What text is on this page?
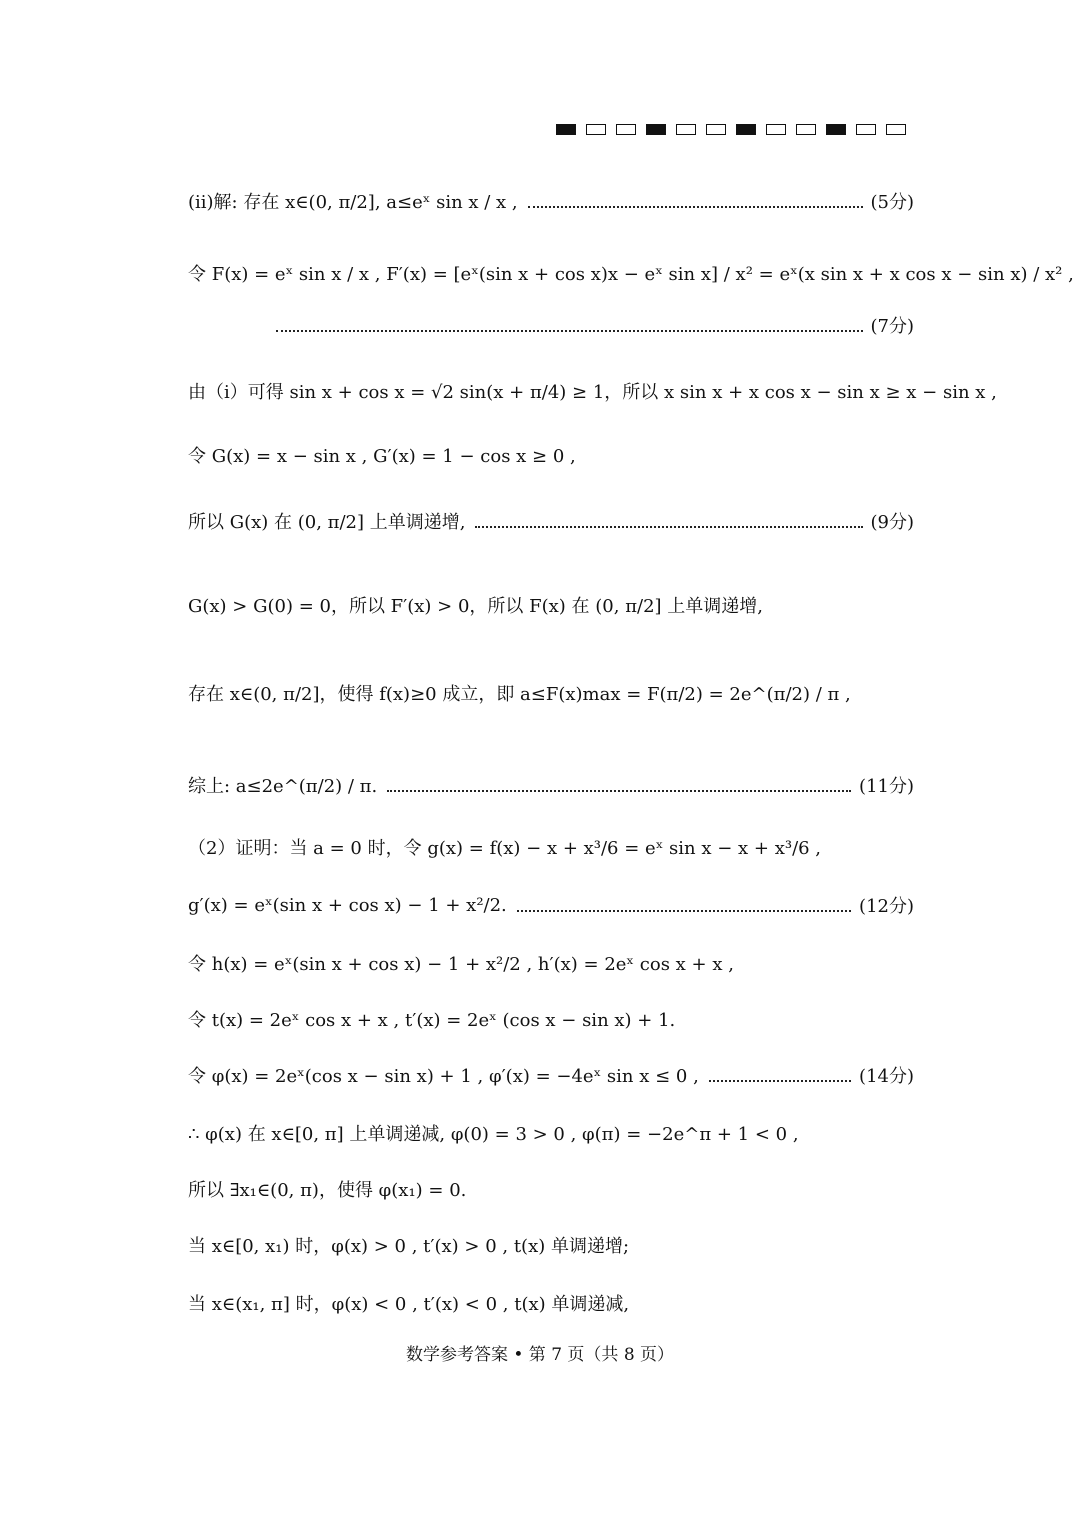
(ii)解: 存在 x∈(0, π/2], a≤eˣ sin x / x ,	(5分)
令 F(x) = eˣ sin x / x , F′(x) = [eˣ(sin x + cos x)x − eˣ sin x] / x² = eˣ(x sin x + x cos x − sin x) / x² ,
(7分)
由（i）可得 sin x + cos x = √2 sin(x + π/4) ≥ 1，所以 x sin x + x cos x − sin x ≥ x − sin x ,
令 G(x) = x − sin x , G′(x) = 1 − cos x ≥ 0 ,
所以 G(x) 在 (0, π/2] 上单调递增,	(9分)
G(x) > G(0) = 0，所以 F′(x) > 0，所以 F(x) 在 (0, π/2] 上单调递增,
存在 x∈(0, π/2]，使得 f(x)≥0 成立，即 a≤F(x)max = F(π/2) = 2e^(π/2) / π ,
综上: a≤2e^(π/2) / π.	(11分)
（2）证明：当 a = 0 时，令 g(x) = f(x) − x + x³/6 = eˣ sin x − x + x³/6 ,
g′(x) = eˣ(sin x + cos x) − 1 + x²/2.	(12分)
令 h(x) = eˣ(sin x + cos x) − 1 + x²/2 , h′(x) = 2eˣ cos x + x ,
令 t(x) = 2eˣ cos x + x , t′(x) = 2eˣ (cos x − sin x) + 1.
令 φ(x) = 2eˣ(cos x − sin x) + 1 , φ′(x) = −4eˣ sin x ≤ 0 ,	(14分)
∴ φ(x) 在 x∈[0, π] 上单调递减, φ(0) = 3 > 0 , φ(π) = −2e^π + 1 < 0 ,
所以 ∃x₁∈(0, π)，使得 φ(x₁) = 0.
当 x∈[0, x₁) 时，φ(x) > 0 , t′(x) > 0 , t(x) 单调递增;
当 x∈(x₁, π] 时，φ(x) < 0 , t′(x) < 0 , t(x) 单调递减,
数学参考答案 • 第 7 页（共 8 页）
